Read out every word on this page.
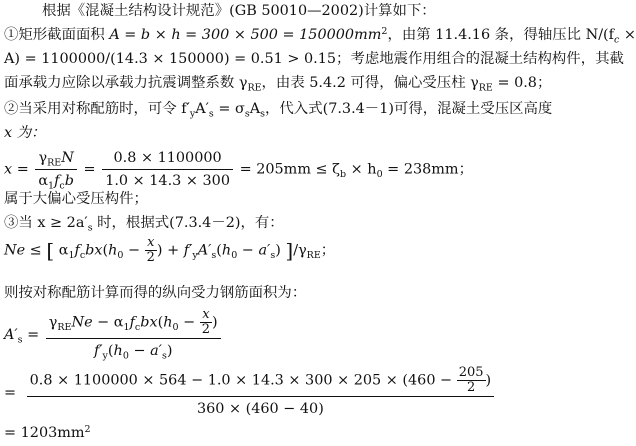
根据《混凝土结构设计规范》(GB 50010—2002)计算如下：
①矩形截面面积 $A = b \times h = 300 \times 500 = 150000mm^2$，由第 11.4.16 条，得轴压比 $N/(f_c$ ×
A) = 1100000/(14.3 × 150000) = 0.51 > 0.15；考虑地震作用组合的混凝土结构构件，其截
面承载力应除以承载力抗震调整系数 $\gamma_{RE}$，由表 5.4.2 可得，偏心受压柱 $\gamma_{RE} = 0.8$；
②当采用对称配筋时，可令 $f'_yA'_s = \sigma_sA_s$，代入式(7.3.4－1)可得，混凝土受压区高度
x 为：
$x = \frac{\gamma_{RE}N}{\alpha_1f_cb} = \frac{0.8 \times 1100000}{1.0 \times 14.3 \times 300} = 205mm \le \zeta_b \times h_0 = 238mm$；
属于大偏心受压构件；
③当 $x \ge 2a'_s$ 时，根据式(7.3.4－2)，有：
Ne ≤ [ $\alpha_1f_cbx(h_0 - \frac{x}{2}$ ) + $f'_yA'_s(h_0 - a'_s)$ ]$/\gamma_{RE}$；
则按对称配筋计算而得的纵向受力钢筋面积为：
$A'_s = \frac{\gamma_{RE}Ne - \alpha_1f_cbx(h_0 - \frac{x}{2} )}{f'_y(h_0 - a'_s)}$
= $\frac{0.8 \times 1100000 \times 564 - 1.0 \times 14.3 \times 300 \times 205 \times (460 - \frac{205}{2} )}{360 \times (460 - 40)}$
= $1203mm^2$
